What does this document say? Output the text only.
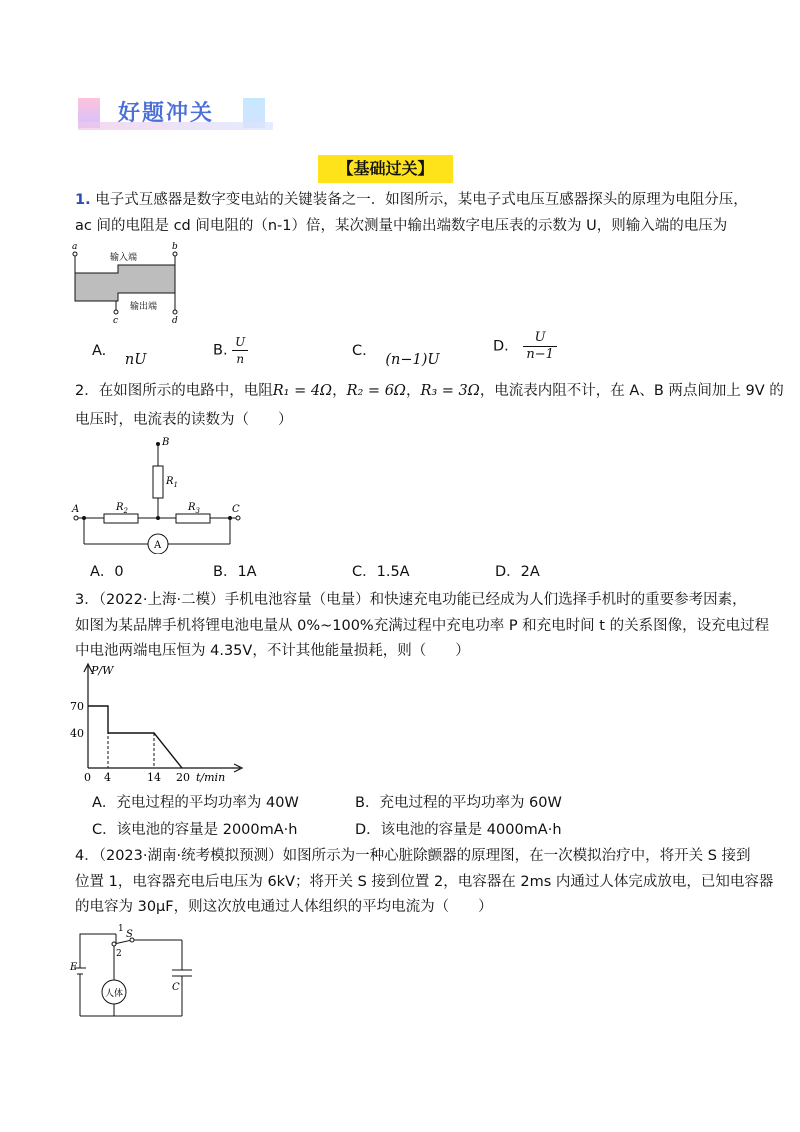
好题冲关
【基础过关】
1. 电子式互感器是数字变电站的关键装备之一．如图所示，某电子式电压互感器探头的原理为电阻分压，
ac 间的电阻是 cd 间电阻的（n-1）倍，某次测量中输出端数字电压表的示数为 U，则输入端的电压为
a	b
c	d
输入端
输出端
A. nU
B. $\frac{U}{n}$	C. (n−1)U
D. $\frac{U}{n-1}$
2．在如图所示的电路中，电阻R₁ = 4Ω，R₂ = 6Ω，R₃ = 3Ω，电流表内阻不计，在 A、B 两点间加上 9V 的
电压时，电流表的读数为（　　）
B
A	C
$R_1$
$R_2$	$R_3$
A
A．0	B．1A	C．1.5A	D．2A
3．（2022·上海·二模）手机电池容量（电量）和快速充电功能已经成为人们选择手机时的重要参考因素，
如图为某品牌手机将锂电池电量从 0%~100%充满过程中充电功率 P 和充电时间 t 的关系图像，设充电过程
中电池两端电压恒为 4.35V，不计其他能量损耗，则（　　）
P/W
70
40
0 4	14 20 t/min
A．充电过程的平均功率为 40W	B．充电过程的平均功率为 60W
C．该电池的容量是 2000mA·h	D．该电池的容量是 4000mA·h
4．（2023·湖南·统考模拟预测）如图所示为一种心脏除颤器的原理图，在一次模拟治疗中，将开关 S 接到
位置 1，电容器充电后电压为 6kV；将开关 S 接到位置 2，电容器在 2ms 内通过人体完成放电，已知电容器
的电容为 30μF，则这次放电通过人体组织的平均电流为（　　）
1
2
S
E
C
人体
